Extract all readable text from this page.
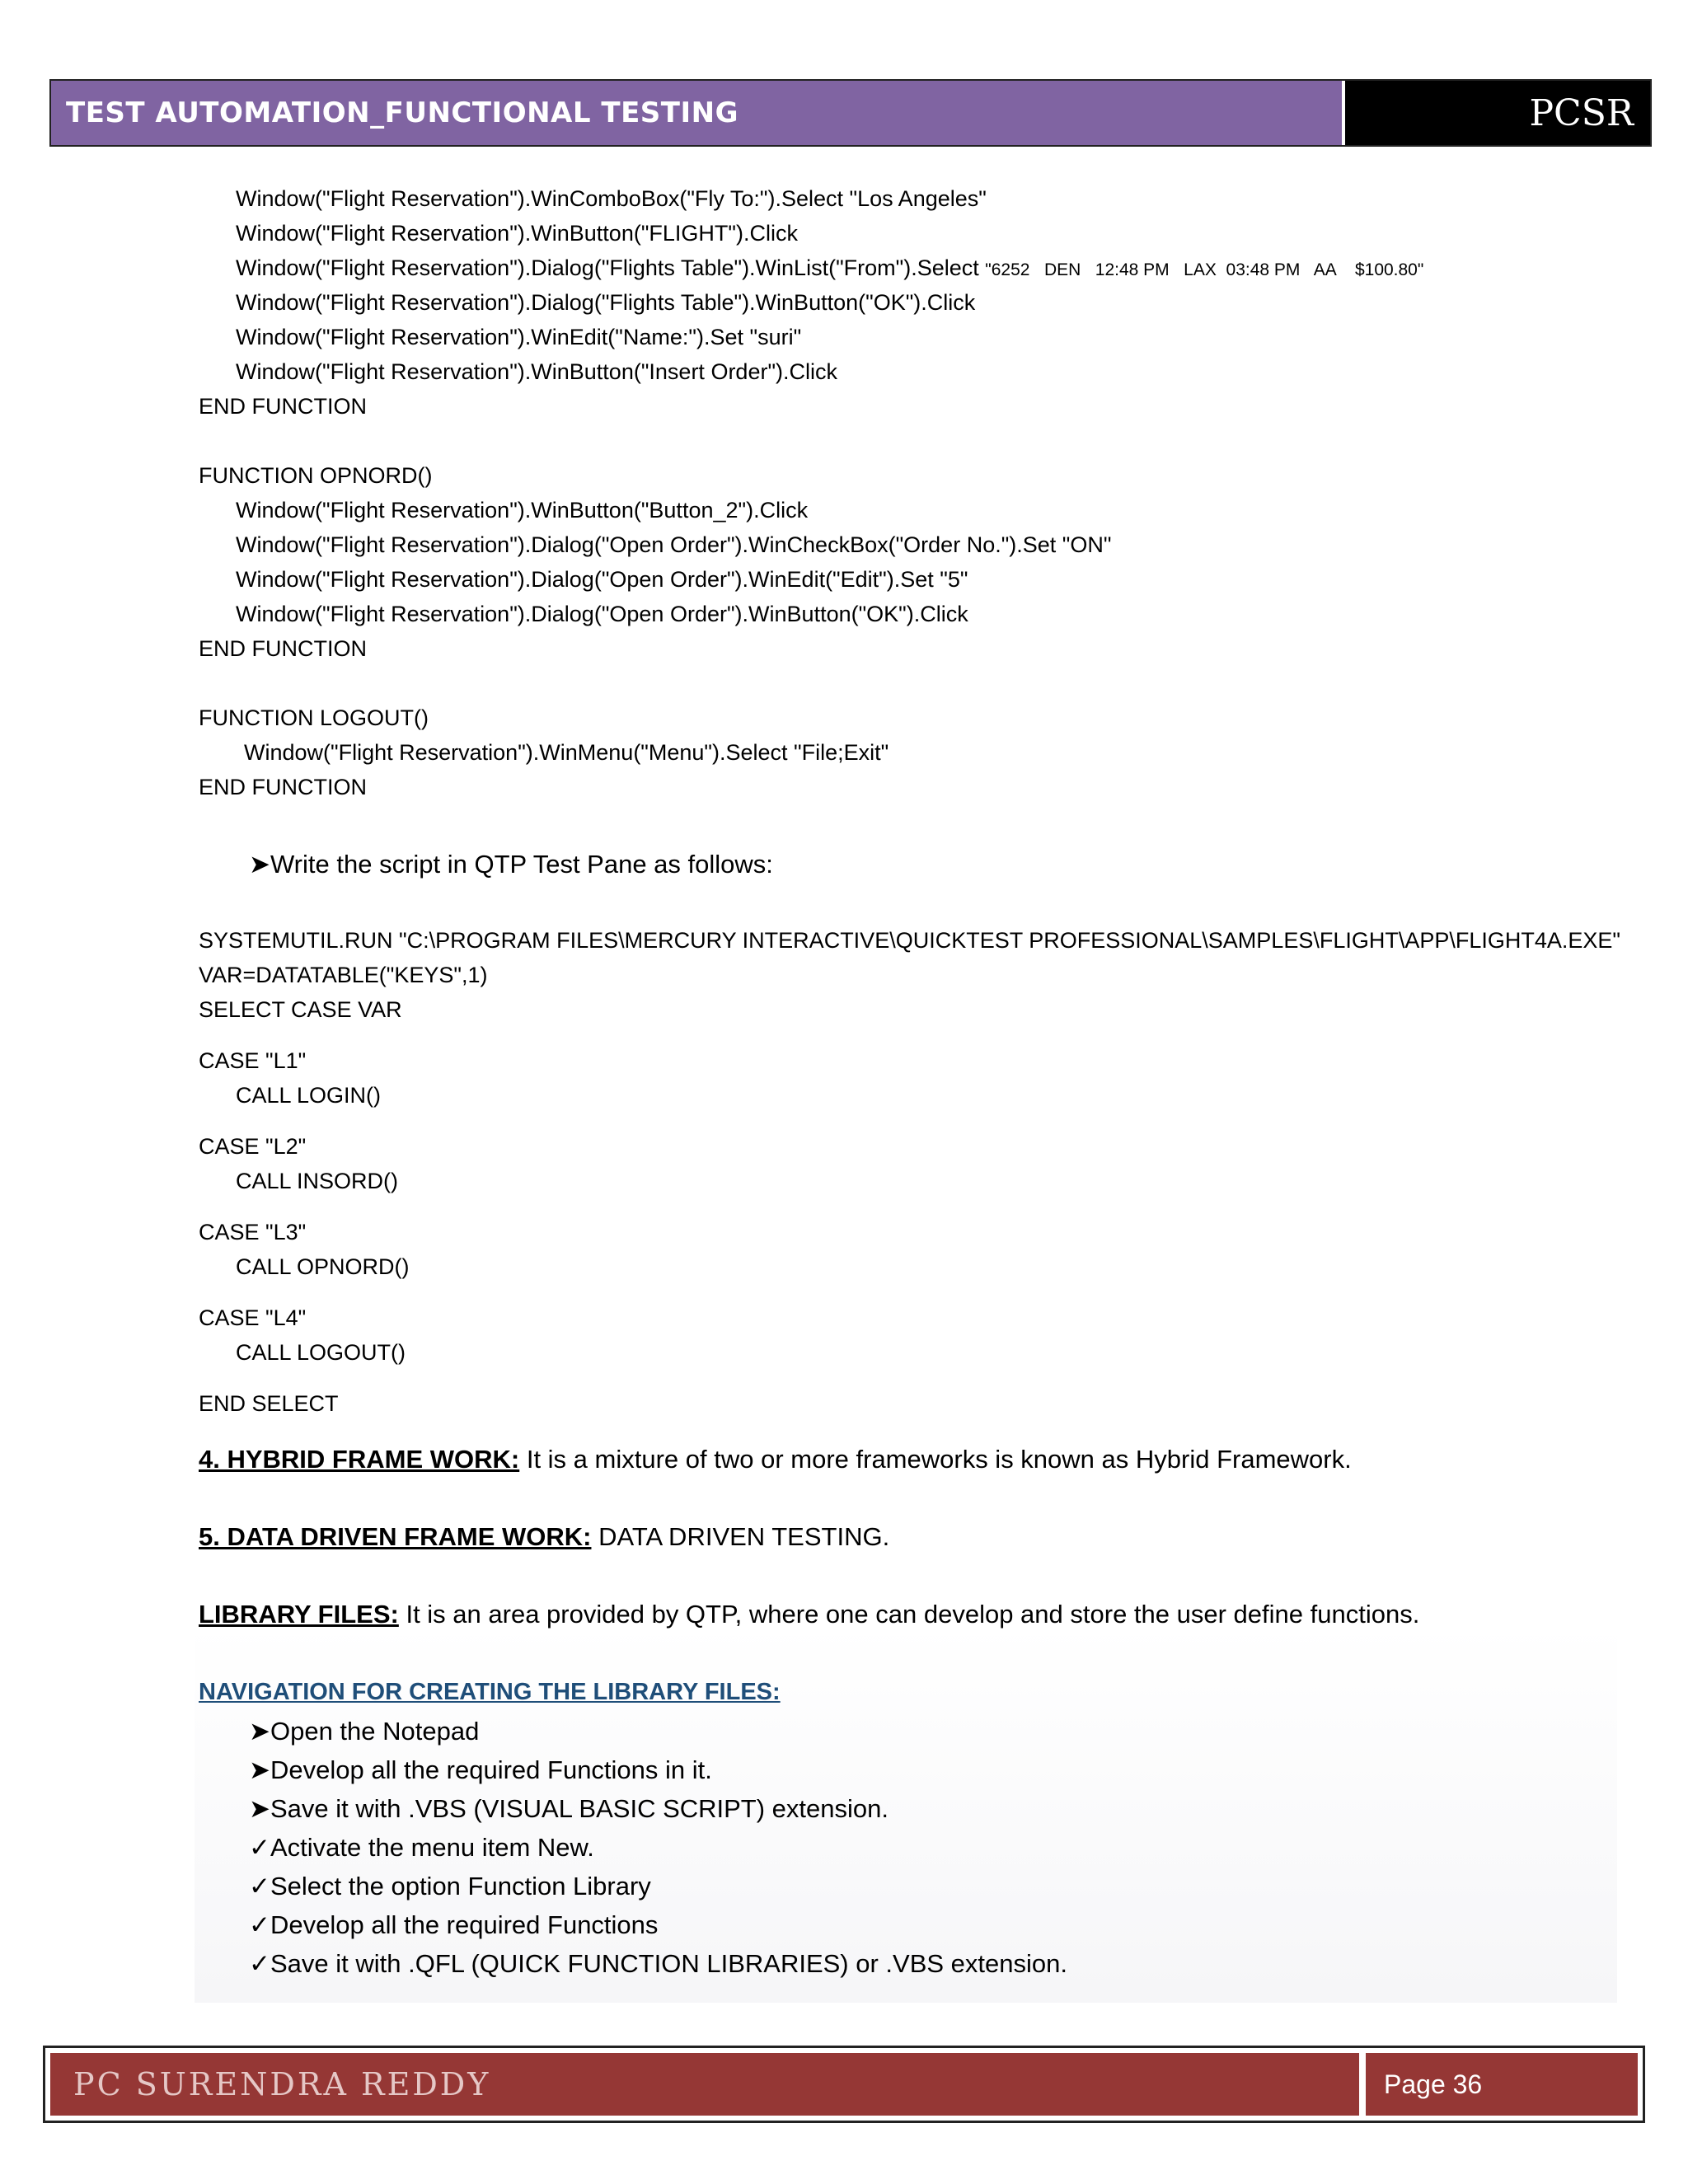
TEST AUTOMATION_FUNCTIONAL TESTING	PCSR
Window("Flight Reservation").WinComboBox("Fly To:").Select "Los Angeles"
Window("Flight Reservation").WinButton("FLIGHT").Click
Window("Flight Reservation").Dialog("Flights Table").WinList("From").Select "6252   DEN   12:48 PM   LAX  03:48 PM   AA    $100.80"
Window("Flight Reservation").Dialog("Flights Table").WinButton("OK").Click
Window("Flight Reservation").WinEdit("Name:").Set "suri"
Window("Flight Reservation").WinButton("Insert Order").Click
END FUNCTION
FUNCTION OPNORD()
Window("Flight Reservation").WinButton("Button_2").Click
Window("Flight Reservation").Dialog("Open Order").WinCheckBox("Order No.").Set "ON"
Window("Flight Reservation").Dialog("Open Order").WinEdit("Edit").Set "5"
Window("Flight Reservation").Dialog("Open Order").WinButton("OK").Click
END FUNCTION
FUNCTION LOGOUT()
Window("Flight Reservation").WinMenu("Menu").Select "File;Exit"
END FUNCTION
➤Write the script in QTP Test Pane as follows:
SYSTEMUTIL.RUN "C:\PROGRAM FILES\MERCURY INTERACTIVE\QUICKTEST PROFESSIONAL\SAMPLES\FLIGHT\APP\FLIGHT4A.EXE"
VAR=DATATABLE("KEYS",1)
SELECT CASE VAR
CASE "L1"
CALL LOGIN()
CASE "L2"
CALL INSORD()
CASE "L3"
CALL OPNORD()
CASE "L4"
CALL LOGOUT()
END SELECT
4. HYBRID FRAME WORK: It is a mixture of two or more frameworks is known as Hybrid Framework.
5. DATA DRIVEN FRAME WORK: DATA DRIVEN TESTING.
LIBRARY FILES: It is an area provided by QTP, where one can develop and store the user define functions.
NAVIGATION FOR CREATING THE LIBRARY FILES:
➤Open the Notepad
➤Develop all the required Functions in it.
➤Save it with .VBS (VISUAL BASIC SCRIPT) extension.
✓Activate the menu item New.
✓Select the option Function Library
✓Develop all the required Functions
✓Save it with .QFL (QUICK FUNCTION LIBRARIES) or .VBS extension.
PC SURENDRA REDDY	Page 36
